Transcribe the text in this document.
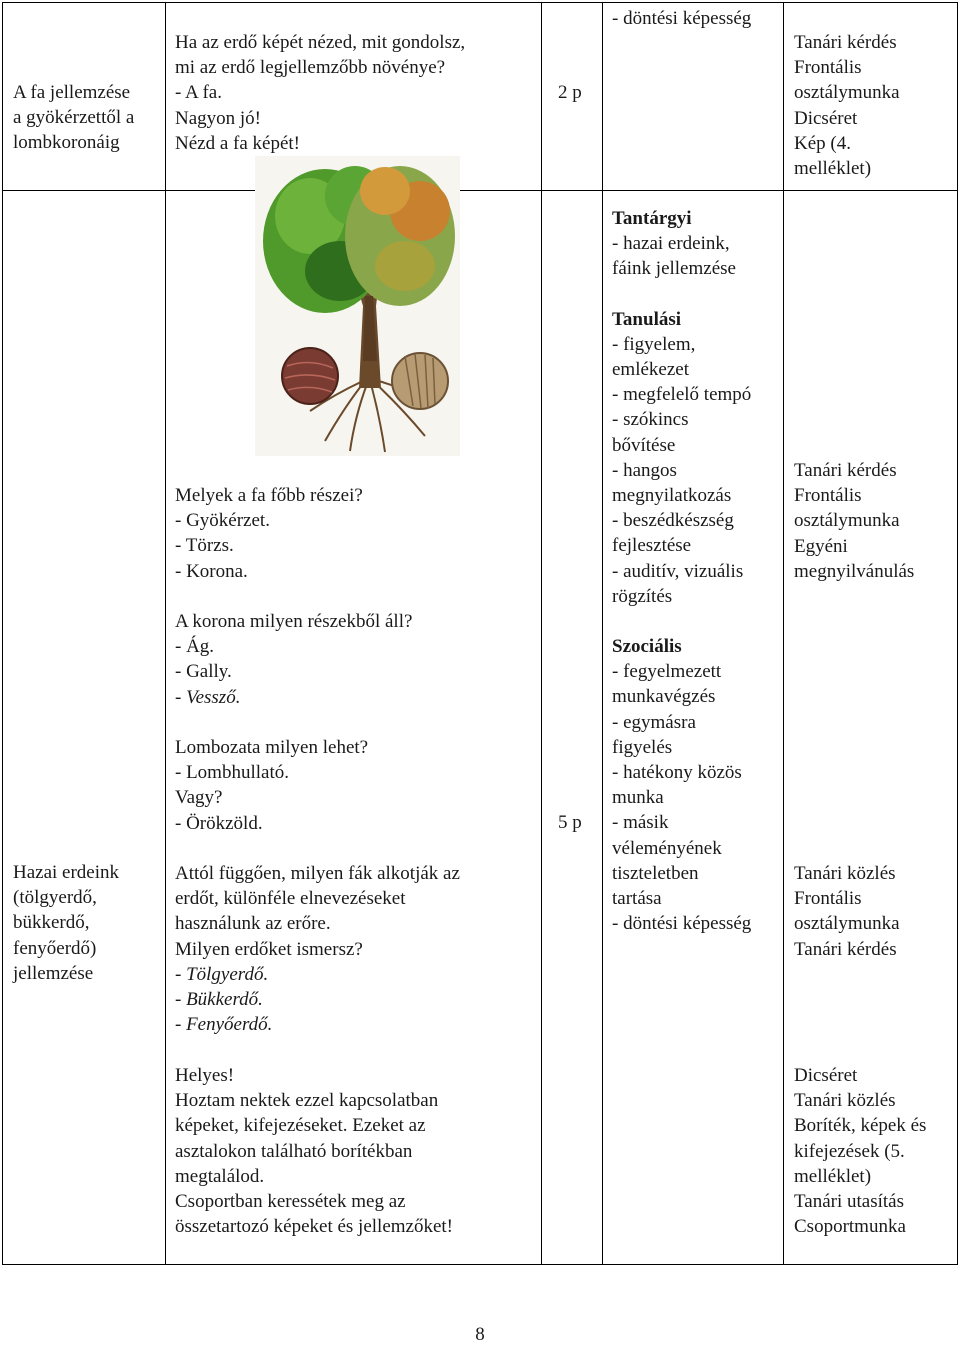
A fa jellemzése
a gyökérzettől a
lombkoronáig
Ha az erdő képét nézed, mit gondolsz,
mi az erdő legjellemzőbb növénye?
- A fa.
Nagyon jó!
Nézd a fa képét!
2 p
- döntési képesség
Tanári kérdés
Frontális
osztálymunka
Dicséret
Kép (4.
melléklet)
Hazai erdeink
(tölgyerdő,
bükkerdő,
fenyőerdő)
jellemzése
Melyek a fa főbb részei?
- Gyökérzet.
- Törzs.
- Korona.
A korona milyen részekből áll?
- Ág.
- Gally.
- Vessző.
Lombozata milyen lehet?
- Lombhullató.
Vagy?
- Örökzöld.
Attól függően, milyen fák alkotják az
erdőt, különféle elnevezéseket
használunk az erőre.
Milyen erdőket ismersz?
- Tölgyerdő.
- Bükkerdő.
- Fenyőerdő.
5 p
Tantárgyi
- hazai erdeink,
fáink jellemzése
Tanulási
- figyelem,
emlékezet
- megfelelő tempó
- szókincs
bővítése
- hangos
megnyilatkozás
- beszédkészség
fejlesztése
- auditív, vizuális
rögzítés
Szociális
- fegyelmezett
munkavégzés
- egymásra
figyelés
- hatékony közös
munka
- másik
véleményének
tiszteletben
tartása
- döntési képesség
Tanári kérdés
Frontális
osztálymunka
Egyéni
megnyilvánulás
Tanári közlés
Frontális
osztálymunka
Tanári kérdés
Helyes!
Hoztam nektek ezzel kapcsolatban
képeket, kifejezéseket. Ezeket az
asztalokon található borítékban
megtalálod.
Csoportban keressétek meg az
összetartozó képeket és jellemzőket!
Dicséret
Tanári közlés
Boríték, képek és
kifejezések (5.
melléklet)
Tanári utasítás
Csoportmunka
8
